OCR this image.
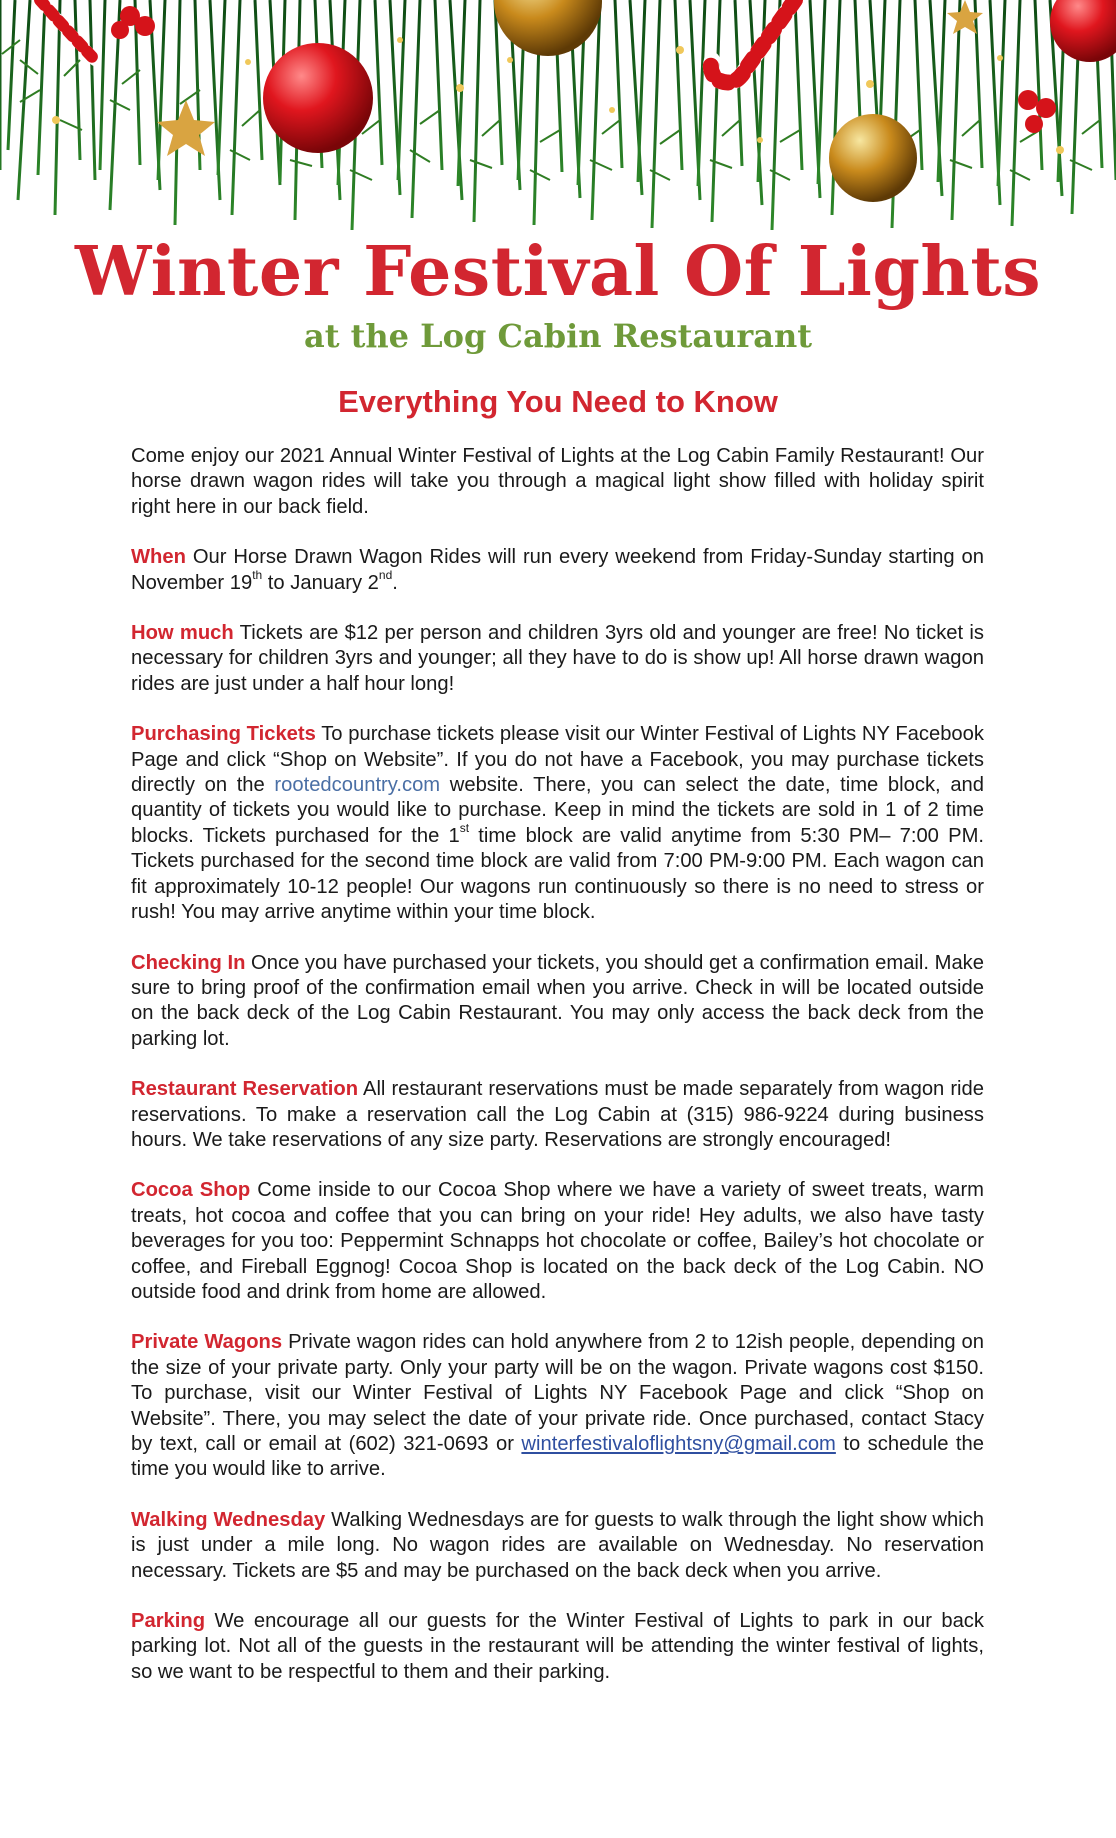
Winter Festival Of Lights
at the Log Cabin Restaurant
Everything You Need to Know

Come enjoy our 2021 Annual Winter Festival of Lights at the Log Cabin Family Restaurant! Our horse drawn wagon rides will take you through a magical light show filled with holiday spirit right here in our back field.

When Our Horse Drawn Wagon Rides will run every weekend from Friday-Sunday starting on November 19th to January 2nd.

How much Tickets are $12 per person and children 3yrs old and younger are free! No ticket is necessary for children 3yrs and younger; all they have to do is show up! All horse drawn wagon rides are just under a half hour long!

Purchasing Tickets To purchase tickets please visit our Winter Festival of Lights NY Facebook Page and click “Shop on Website”. If you do not have a Facebook, you may purchase tickets directly on the rootedcountry.com website. There, you can select the date, time block, and quantity of tickets you would like to purchase. Keep in mind the tickets are sold in 1 of 2 time blocks. Tickets purchased for the 1st time block are valid anytime from 5:30 PM– 7:00 PM. Tickets purchased for the second time block are valid from 7:00 PM-9:00 PM. Each wagon can fit approximately 10-12 people! Our wagons run continuously so there is no need to stress or rush! You may arrive anytime within your time block.

Checking In Once you have purchased your tickets, you should get a confirmation email. Make sure to bring proof of the confirmation email when you arrive. Check in will be located outside on the back deck of the Log Cabin Restaurant. You may only access the back deck from the parking lot.

Restaurant Reservation All restaurant reservations must be made separately from wagon ride reservations. To make a reservation call the Log Cabin at (315) 986-9224 during business hours. We take reservations of any size party. Reservations are strongly encouraged!

Cocoa Shop Come inside to our Cocoa Shop where we have a variety of sweet treats, warm treats, hot cocoa and coffee that you can bring on your ride! Hey adults, we also have tasty beverages for you too: Peppermint Schnapps hot chocolate or coffee, Bailey’s hot chocolate or coffee, and Fireball Eggnog! Cocoa Shop is located on the back deck of the Log Cabin. NO outside food and drink from home are allowed.

Private Wagons Private wagon rides can hold anywhere from 2 to 12ish people, depending on the size of your private party. Only your party will be on the wagon. Private wagons cost $150. To purchase, visit our Winter Festival of Lights NY Facebook Page and click “Shop on Website”. There, you may select the date of your private ride. Once purchased, contact Stacy by text, call or email at (602) 321-0693 or winterfestivaloflightsny@gmail.com to schedule the time you would like to arrive.

Walking Wednesday Walking Wednesdays are for guests to walk through the light show which is just under a mile long. No wagon rides are available on Wednesday. No reservation necessary. Tickets are $5 and may be purchased on the back deck when you arrive.

Parking We encourage all our guests for the Winter Festival of Lights to park in our back parking lot. Not all of the guests in the restaurant will be attending the winter festival of lights, so we want to be respectful to them and their parking.
